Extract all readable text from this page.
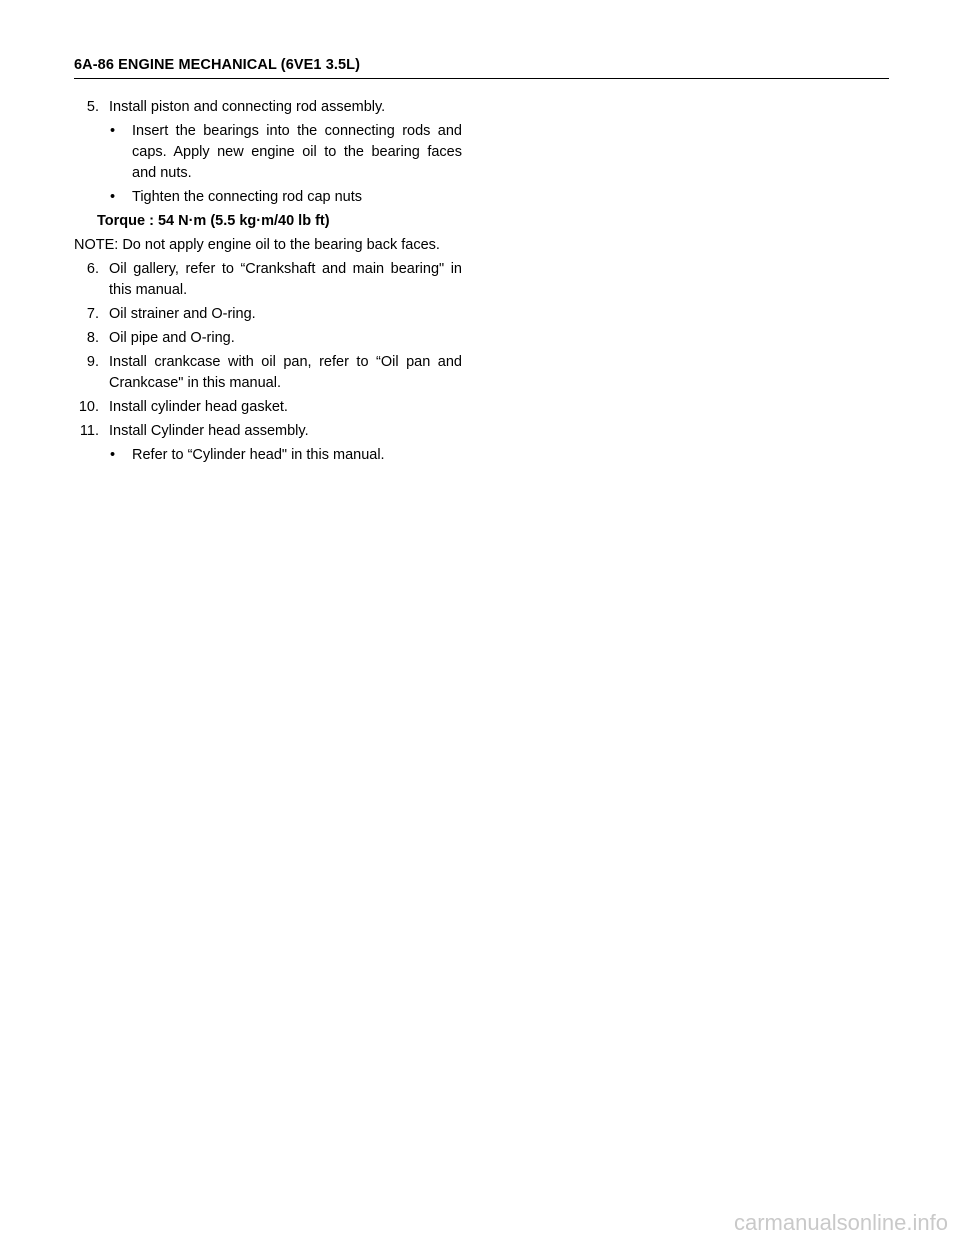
6A-86 ENGINE MECHANICAL (6VE1 3.5L)
5. Install piston and connecting rod assembly.
• Insert the bearings into the connecting rods and caps. Apply new engine oil to the bearing faces and nuts.
• Tighten the connecting rod cap nuts
Torque : 54 N·m (5.5 kg·m/40 lb ft)
NOTE: Do not apply engine oil to the bearing back faces.
6. Oil gallery, refer to “Crankshaft and main bearing" in this manual.
7. Oil strainer and O-ring.
8. Oil pipe and O-ring.
9. Install crankcase with oil pan, refer to “Oil pan and Crankcase" in this manual.
10. Install cylinder head gasket.
11. Install Cylinder head assembly.
• Refer to “Cylinder head" in this manual.
carmanualsonline.info
